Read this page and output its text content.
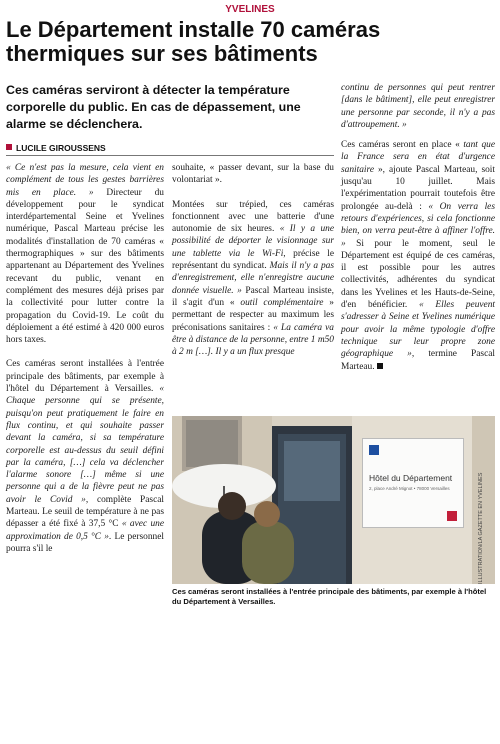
YVELINES
Le Département installe 70 caméras thermiques sur ses bâtiments
Ces caméras serviront à détecter la température corporelle du public. En cas de dépassement, une alarme se déclenchera.
LUCILE GIROUSSENS

« Ce n'est pas la mesure, cela vient en complément de tous les gestes barrières mis en place. » Directeur du développement pour le syndicat interdépartemental Seine et Yvelines numérique, Pascal Marteau précise les modalités d'installation de 70 caméras « thermographiques » sur des bâtiments appartenant au Département des Yvelines recevant du public, venant en complément des mesures déjà prises par la collectivité pour lutter contre la propagation du Covid-19. Le coût du déploiement a été estimé à 420 000 euros hors taxes.

Ces caméras seront installées à l'entrée principale des bâtiments, par exemple à l'hôtel du Département à Versailles. « Chaque personne qui se présente, puisqu'on peut pratiquement le faire en flux continu, et qui souhaite passer devant la caméra, si sa température corporelle est au-dessus du seuil défini par la caméra, […] cela va déclencher l'alarme sonore […] même si une personne qui a de la fièvre peut ne pas avoir le Covid », complète Pascal Marteau. Le seuil de température à ne pas dépasser a été fixé à 37,5 °C « avec une approximation de 0,5 °C ». Le personnel pourra s'il le

souhaite, « passer devant, sur la base du volontariat ».

Montées sur trépied, ces caméras fonctionnent avec une batterie d'une autonomie de six heures. « Il y a une possibilité de déporter le visionnage sur une tablette via le Wi-Fi, précise le représentant du syndicat. Mais il n'y a pas d'enregistrement, elle n'enregistre aucune donnée visuelle. » Pascal Marteau insiste, il s'agit d'un « outil complémentaire » permettant de respecter au maximum les préconisations sanitaires : « La caméra va être à distance de la personne, entre 1 m50 à 2 m […]. Il y a un flux presque

continu de personnes qui peut rentrer [dans le bâtiment], elle peut enregistrer une personne par seconde, il n'y a pas d'attroupement. »

Ces caméras seront en place « tant que la France sera en état d'urgence sanitaire », ajoute Pascal Marteau, soit jusqu'au 10 juillet. Mais l'expérimentation pourrait toutefois être prolongée au-delà : « On verra les retours d'expériences, si cela fonctionne bien, on verra peut-être à affiner l'offre. » Si pour le moment, seul le Département est équipé de ces caméras, il est possible pour les autres collectivités, adhérentes du syndicat dans les Yvelines et les Hauts-de-Seine, d'en bénéficier. « Elles peuvent s'adresser à Seine et Yvelines numérique pour avoir la même typologie d'offre technique sur leur propre zone géographique », termine Pascal Marteau.

Hôtel du Département
2, place André Mignot • 78000 Versailles
Ces caméras seront installées à l'entrée principale des bâtiments, par exemple à l'hôtel du Département à Versailles.
ILLUSTRATION/LA GAZETTE EN YVELINES
